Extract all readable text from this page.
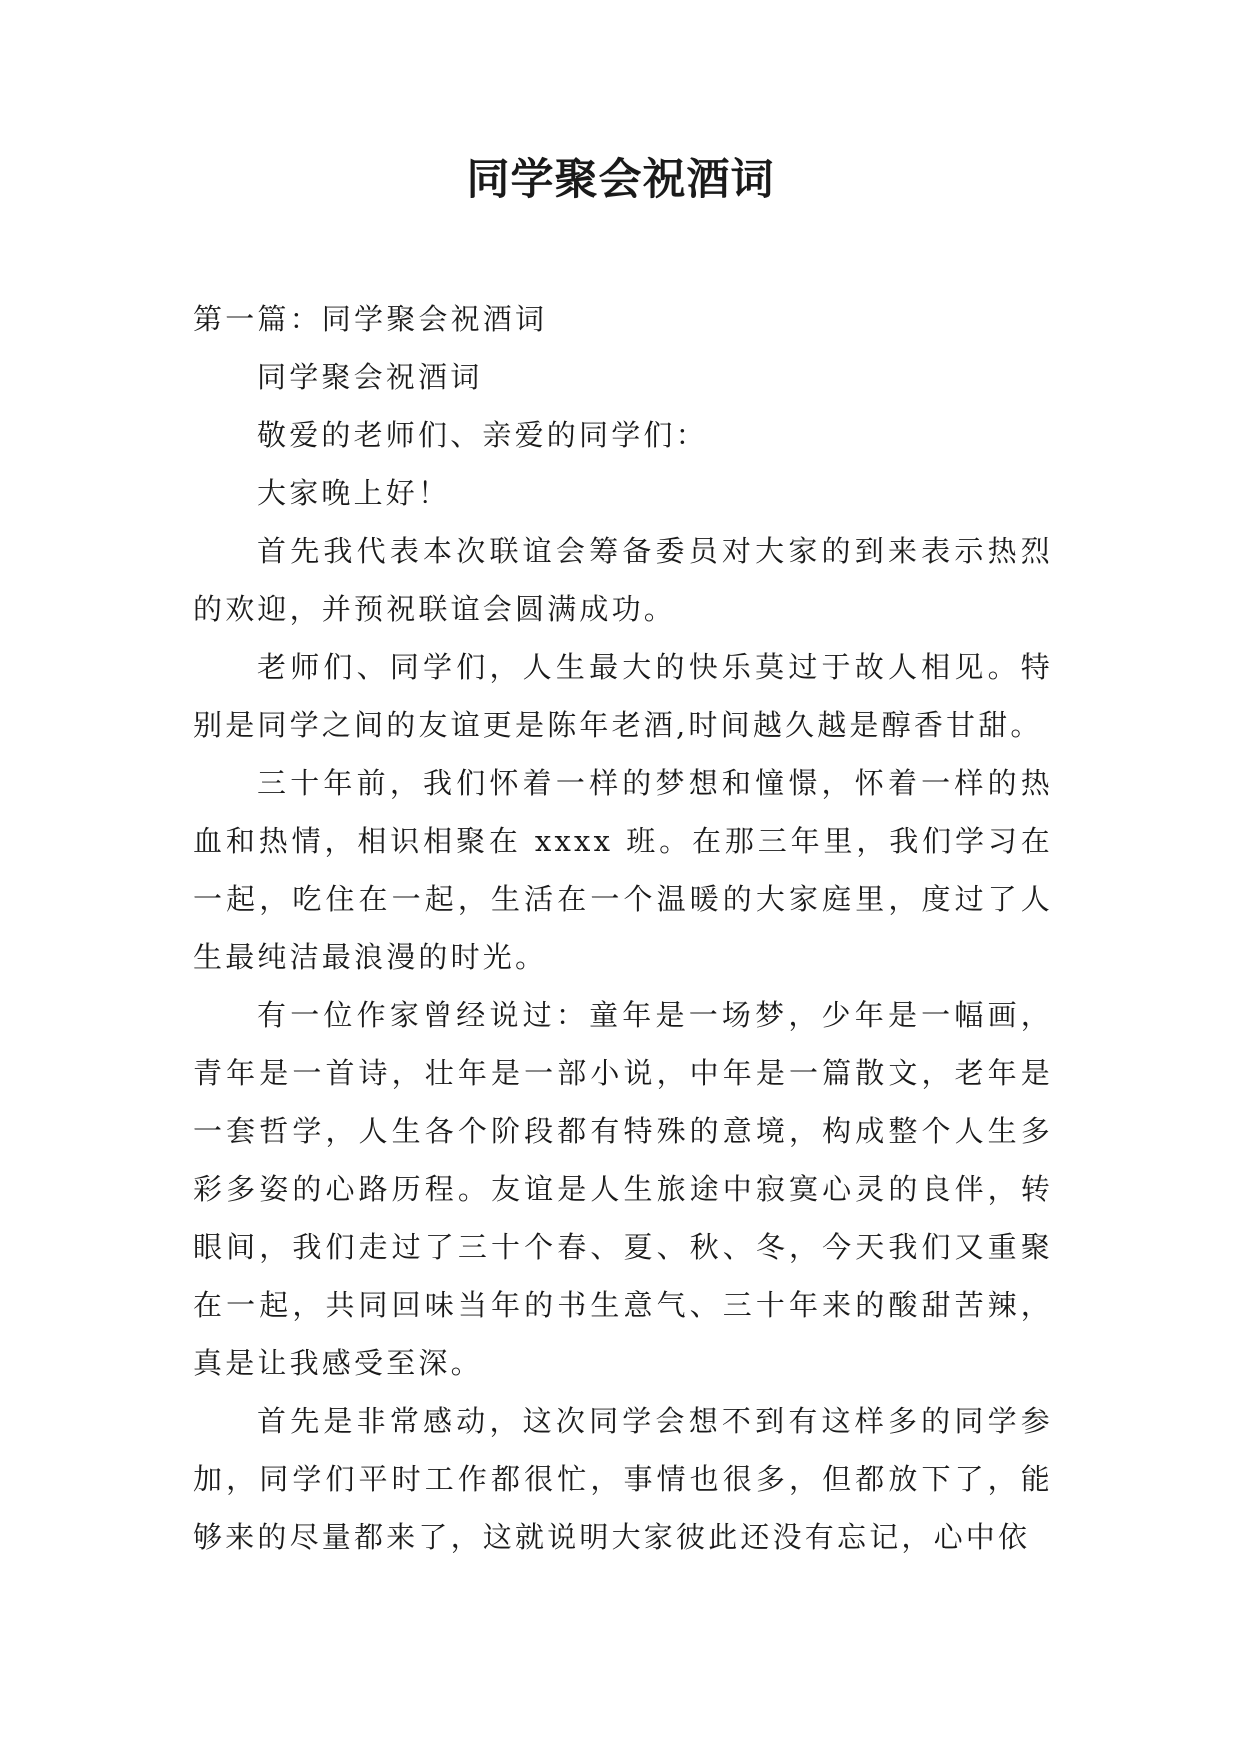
同学聚会祝酒词

第一篇：同学聚会祝酒词

同学聚会祝酒词

敬爱的老师们、亲爱的同学们：

大家晚上好！

首先我代表本次联谊会筹备委员对大家的到来表示热烈的欢迎，并预祝联谊会圆满成功。

老师们、同学们，人生最大的快乐莫过于故人相见。特别是同学之间的友谊更是陈年老酒,时间越久越是醇香甘甜。

三十年前，我们怀着一样的梦想和憧憬，怀着一样的热血和热情，相识相聚在 xxxx 班。在那三年里，我们学习在一起，吃住在一起，生活在一个温暖的大家庭里，度过了人生最纯洁最浪漫的时光。

有一位作家曾经说过：童年是一场梦，少年是一幅画，青年是一首诗，壮年是一部小说，中年是一篇散文，老年是一套哲学，人生各个阶段都有特殊的意境，构成整个人生多彩多姿的心路历程。友谊是人生旅途中寂寞心灵的良伴，转眼间，我们走过了三十个春、夏、秋、冬，今天我们又重聚在一起，共同回味当年的书生意气、三十年来的酸甜苦辣，真是让我感受至深。

首先是非常感动，这次同学会想不到有这样多的同学参加，同学们平时工作都很忙，事情也很多，但都放下了，能够来的尽量都来了，这就说明大家彼此还没有忘记，心中依
